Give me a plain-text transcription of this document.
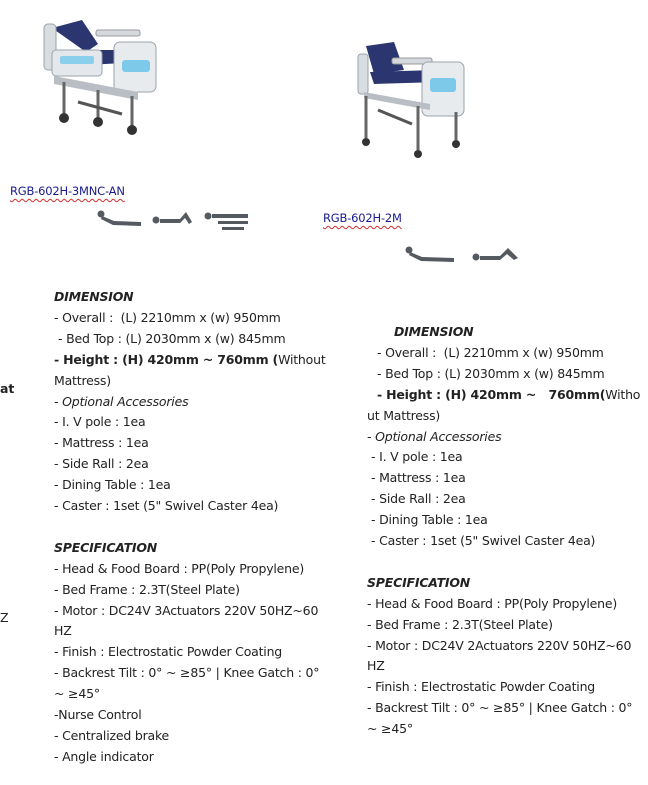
at
Z
RGB-602H-3MNC-AN
RGB-602H-2M
DIMENSION
- Overall :  (L) 2210mm x (w) 950mm
- Bed Top : (L) 2030mm x (w) 845mm
- Height : (H) 420mm ~ 760mm (Without
Mattress)
- Optional Accessories
- I. V pole : 1ea
- Mattress : 1ea
- Side Rall : 2ea
- Dining Table : 1ea
- Caster : 1set (5" Swivel Caster 4ea)
SPECIFICATION
- Head & Food Board : PP(Poly Propylene)
- Bed Frame : 2.3T(Steel Plate)
- Motor : DC24V 3Actuators 220V 50HZ~60
HZ
- Finish : Electrostatic Powder Coating
- Backrest Tilt : 0° ~ ≥85° | Knee Gatch : 0°
~ ≥45°
-Nurse Control
- Centralized brake
- Angle indicator
DIMENSION
- Overall :  (L) 2210mm x (w) 950mm
- Bed Top : (L) 2030mm x (w) 845mm
- Height : (H) 420mm ~   760mm(Witho
ut Mattress)
- Optional Accessories
- I. V pole : 1ea
- Mattress : 1ea
- Side Rall : 2ea
- Dining Table : 1ea
- Caster : 1set (5" Swivel Caster 4ea)
SPECIFICATION
- Head & Food Board : PP(Poly Propylene)
- Bed Frame : 2.3T(Steel Plate)
- Motor : DC24V 2Actuators 220V 50HZ~60
HZ
- Finish : Electrostatic Powder Coating
- Backrest Tilt : 0° ~ ≥85° | Knee Gatch : 0°
~ ≥45°
